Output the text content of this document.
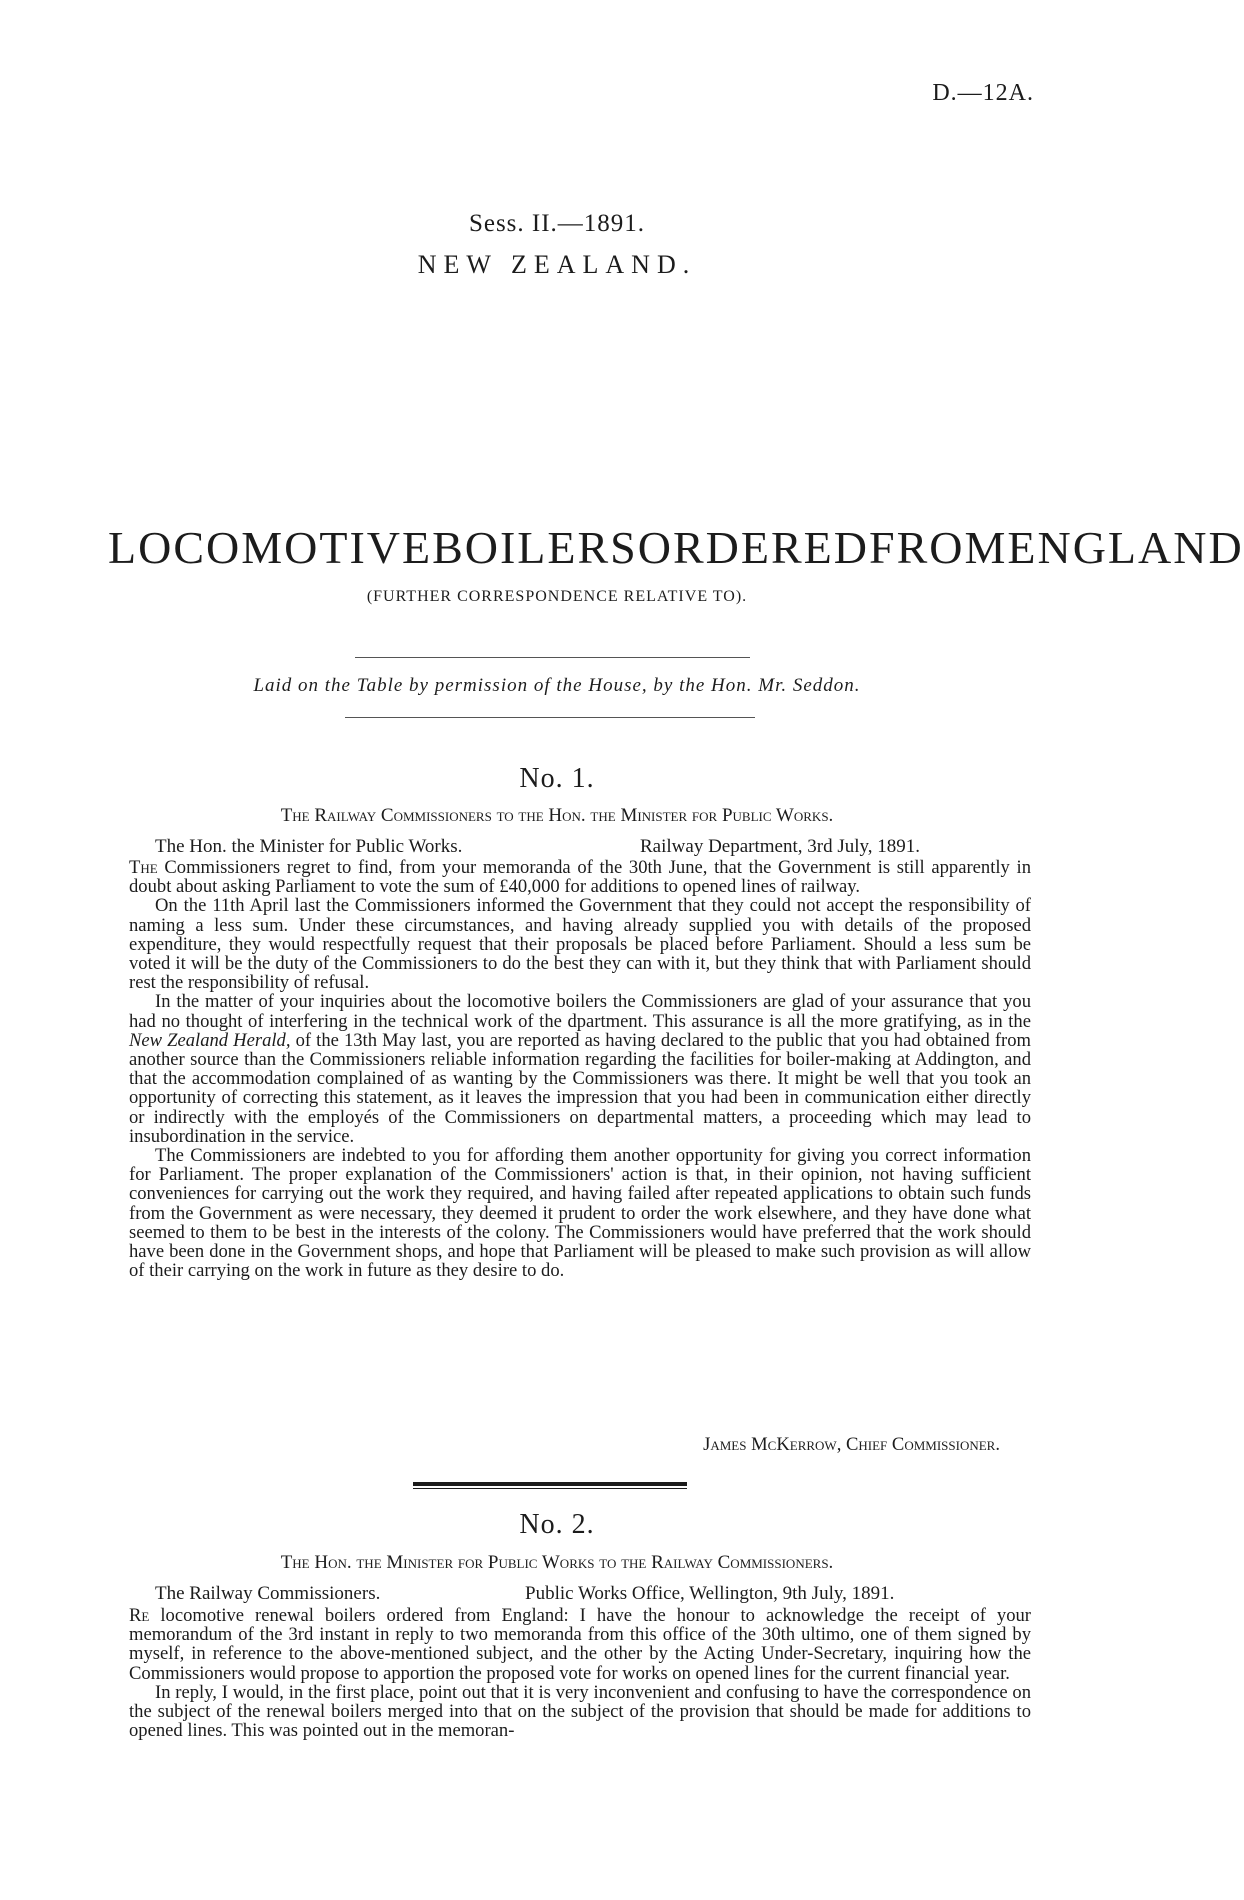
D.—12A.
Sess. II.—1891.
NEW ZEALAND.
LOCOMOTIVE BOILERS ORDERED FROM ENGLAND
(FURTHER CORRESPONDENCE RELATIVE TO).
Laid on the Table by permission of the House, by the Hon. Mr. Seddon.
No. 1.
The Railway Commissioners to the Hon. the Minister for Public Works.
The Hon. the Minister for Public Works.	Railway Department, 3rd July, 1891.

The Commissioners regret to find, from your memoranda of the 30th June, that the Government is still apparently in doubt about asking Parliament to vote the sum of £40,000 for additions to opened lines of railway.

On the 11th April last the Commissioners informed the Government that they could not accept the responsibility of naming a less sum. Under these circumstances, and having already supplied you with details of the proposed expenditure, they would respectfully request that their proposals be placed before Parliament. Should a less sum be voted it will be the duty of the Commissioners to do the best they can with it, but they think that with Parliament should rest the responsibility of refusal.

In the matter of your inquiries about the locomotive boilers the Commissioners are glad of your assurance that you had no thought of interfering in the technical work of the dpartment. This assurance is all the more gratifying, as in the New Zealand Herald, of the 13th May last, you are reported as having declared to the public that you had obtained from another source than the Commissioners reliable information regarding the facilities for boiler-making at Addington, and that the accommodation complained of as wanting by the Commissioners was there. It might be well that you took an opportunity of correcting this statement, as it leaves the impression that you had been in communication either directly or indirectly with the employés of the Commissioners on departmental matters, a proceeding which may lead to insubordination in the service.

The Commissioners are indebted to you for affording them another opportunity for giving you correct information for Parliament. The proper explanation of the Commissioners' action is that, in their opinion, not having sufficient conveniences for carrying out the work they required, and having failed after repeated applications to obtain such funds from the Government as were necessary, they deemed it prudent to order the work elsewhere, and they have done what seemed to them to be best in the interests of the colony. The Commissioners would have preferred that the work should have been done in the Government shops, and hope that Parliament will be pleased to make such provision as will allow of their carrying on the work in future as they desire to do.

James McKerrow, Chief Commissioner.
No. 2.
The Hon. the Minister for Public Works to the Railway Commissioners.
The Railway Commissioners.	Public Works Office, Wellington, 9th July, 1891.

Re locomotive renewal boilers ordered from England: I have the honour to acknowledge the receipt of your memorandum of the 3rd instant in reply to two memoranda from this office of the 30th ultimo, one of them signed by myself, in reference to the above-mentioned subject, and the other by the Acting Under-Secretary, inquiring how the Commissioners would propose to apportion the proposed vote for works on opened lines for the current financial year.

In reply, I would, in the first place, point out that it is very inconvenient and confusing to have the correspondence on the subject of the renewal boilers merged into that on the subject of the provision that should be made for additions to opened lines. This was pointed out in the memoran-
